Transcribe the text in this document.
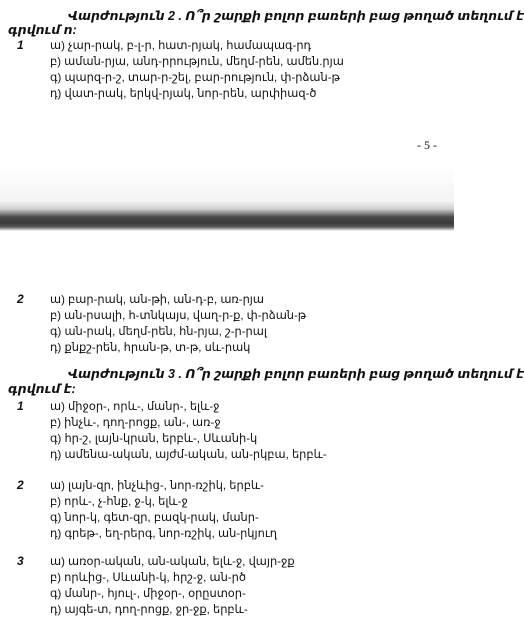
Վարժություն 2 . Ո՞ր շարքի բոլոր բառերի բաց թողած տեղում է
գրվում ո:
1 ա) չար-րակ, բ-լ-ր, հատ-րյակ, համապագ-րդ
բ) աման-րյա, անդ-րրություն, մեղմ-րեն, ամեն.րյա
գ) պարզ-ր-շ, տար-ր-շել, բար-րություն, փ-րձան-թ
դ) վատ-րակ, երկվ-րյակ, նոր-րեն, արփիազ-ծ
- 5 -
2 ա) բար-րակ, ան-թի, ան-դ-բ, առ-րյա
բ) ան-րսալի, հ-տնկայս, վաղ-ր-ք, փ-րձան-թ
գ) ան-րակ, մեղմ-րեն, հն-րյա, շ-ր-րալ
դ) քնքշ-րեն, հրան-թ, տ-թ, սև-րակ
Վարժություն 3 . Ո՞ր շարքի բոլոր բառերի բաց թողած տեղում է
գրվում է:
1 ա) միջօր-, որև-, մանր-, ելև-ջ
բ) ինչև-, դող-րոցք, ան-, առ-ջ
գ) հր-շ, լայն-կրան, երբև-, Սևանի-կ
դ) ամենա-ական, այժմ-ական, ան-րկբա, երբև-
2 ա) լայն-զր, ինչևից-, նոր-ռշիկ, երբև-
բ) որև-, չ-հնք, ջ-կ, ելև-ջ
գ) նոր-կ, գետ-զր, բազկ-րակ, մանր-
դ) գրեթ-, եղ-րերգ, նոր-ռշիկ, ան-րկյուղ
3 ա) առօր-ական, ան-ական, ելև-ջ, վայր-ջք
բ) որևից-, Սևանի-կ, հրշ-ջ, ան-րծ
գ) մանր-, հյուլ-, միջօր-, օրըստօր-
դ) այգե-տ, դող-րոցք, ջր-ջք, երբև-
